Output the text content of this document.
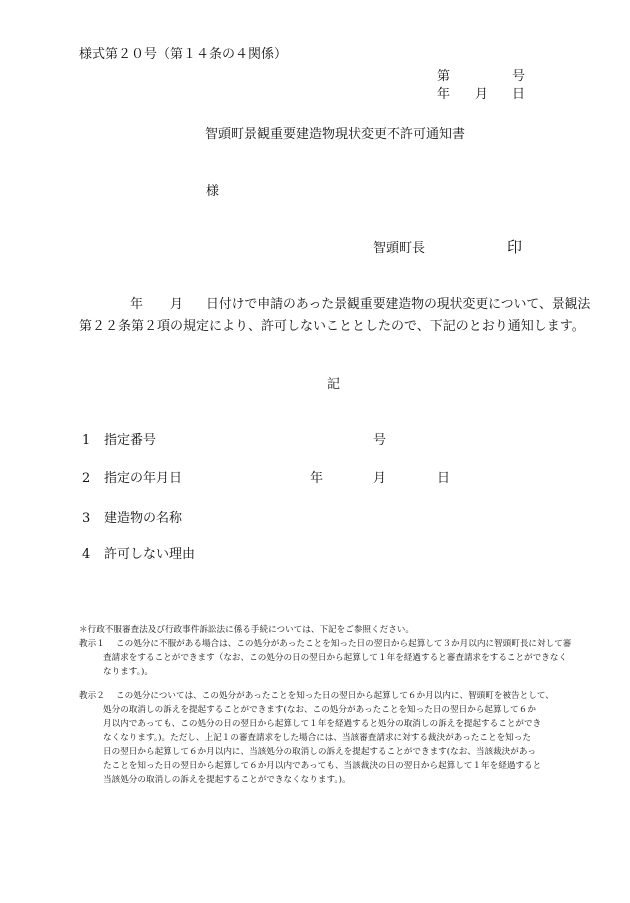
様式第２０号（第１４条の４関係）
第	号
年 月 日
智頭町景観重要建造物現状変更不許可通知書
様
智頭町長	印
年 月 日付けで申請のあった景観重要建造物の現状変更について、景観法
第２２条第２項の規定により、許可しないこととしたので、下記のとおり通知します。
記
1 指定番号	号
2 指定の年月日	年	月	日
3 建造物の名称
4 許可しない理由
＊行政不服審査法及び行政事件訴訟法に係る手続については、下記をご参照ください。
教示１ この処分に不服がある場合は、この処分があったことを知った日の翌日から起算して３か月以内に智頭町長に対して審
査請求をすることができます（なお、この処分の日の翌日から起算して１年を経過すると審査請求をすることができなく
なります。)。
教示２ この処分については、この処分があったことを知った日の翌日から起算して６か月以内に、智頭町を被告として、
処分の取消しの訴えを提起することができます(なお、この処分があったことを知った日の翌日から起算して６か
月以内であっても、この処分の日の翌日から起算して１年を経過すると処分の取消しの訴えを提起することができ
なくなります。)。ただし、上記１の審査請求をした場合には、当該審査請求に対する裁決があったことを知った
日の翌日から起算して６か月以内に、当該処分の取消しの訴えを提起することができます(なお、当該裁決があっ
たことを知った日の翌日から起算して６か月以内であっても、当該裁決の日の翌日から起算して１年を経過すると
当該処分の取消しの訴えを提起することができなくなります。)。
